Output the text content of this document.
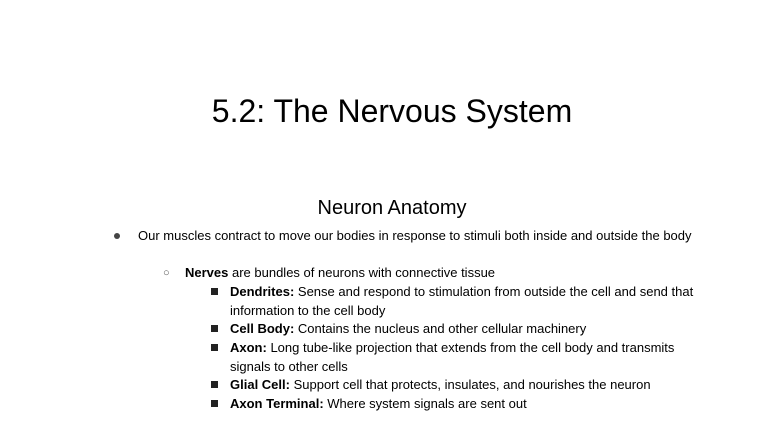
5.2: The Nervous System
Neuron Anatomy
Our muscles contract to move our bodies in response to stimuli both inside and outside the body
○ Nerves are bundles of neurons with connective tissue
Dendrites: Sense and respond to stimulation from outside the cell and send that information to the cell body
Cell Body: Contains the nucleus and other cellular machinery
Axon: Long tube-like projection that extends from the cell body and transmits signals to other cells
Glial Cell: Support cell that protects, insulates, and nourishes the neuron
Axon Terminal: Where system signals are sent out
